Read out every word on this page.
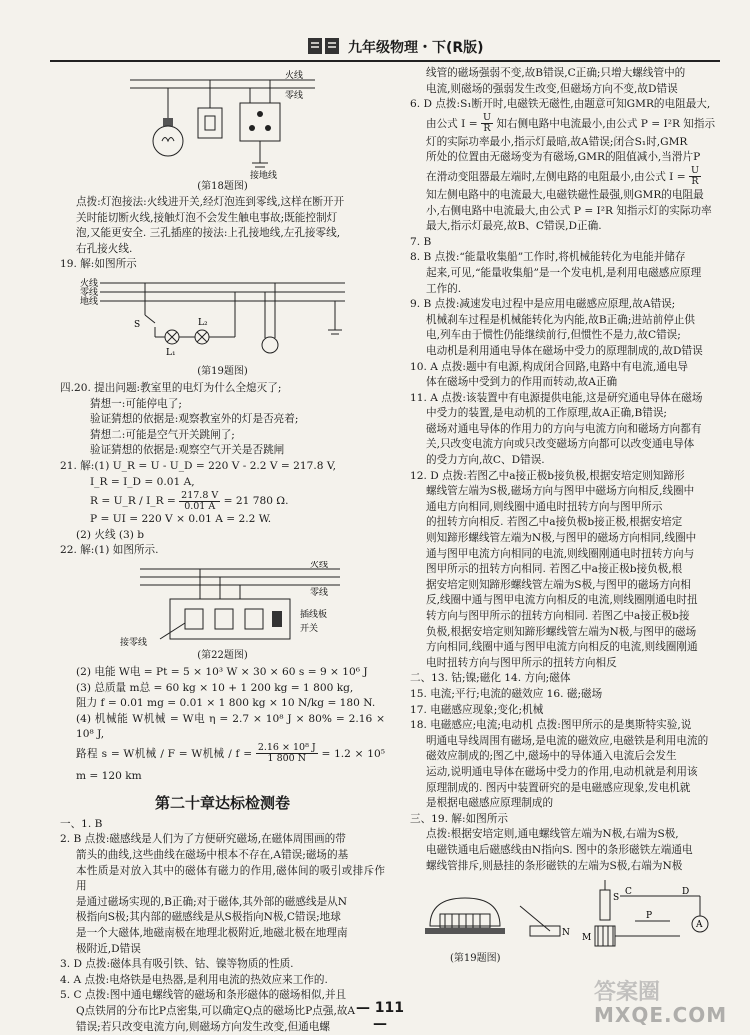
九年级物理・下(R版)
火线
零线
接地线
(第18题图)

点拨:灯泡接法:火线进开关,经灯泡连到零线,这样在断开开

关时能切断火线,接触灯泡不会发生触电事故;既能控制灯

泡,又能更安全. 三孔插座的接法:上孔接地线,左孔接零线,

右孔接火线.

19. 解:如图所示

火线
零线
地线
S
L₁
L₂
(第19题图)

四.20. 提出问题:教室里的电灯为什么全熄灭了;

猜想一:可能停电了;

验证猜想的依据是:观察教室外的灯是否亮着;

猜想二:可能是空气开关跳闸了;

验证猜想的依据是:观察空气开关是否跳闸

21. 解:(1) U_R = U - U_D = 220 V - 2.2 V = 217.8 V,

I_R = I_D = 0.01 A,

R = U_R / I_R = $\frac{217.8 V}{0.01 A} = 21$ 780 Ω.

P = UI = 220 V × 0.01 A = 2.2 W.

(2) 火线 (3) b

22. 解:(1) 如图所示.

火线
零线
插线板
开关
接零线
(第22题图)

(2) 电能 W电 = Pt = 5 × 10³ W × 30 × 60 s = 9 × 10⁶ J

(3) 总质量 m总 = 60 kg × 10 + 1 200 kg = 1 800 kg,

阻力 f = 0.01 mg = 0.01 × 1 800 kg × 10 N/kg = 180 N.

(4) 机械能 W机械 = W电 η = 2.7 × 10⁸ J × 80% = 2.16 × 10⁸ J,

路程 s = W机械 / F = W机械 / $f = \frac{\text{2.16 × 10⁸ J}}{1 800 N} = 1.2 \times 10^5$ m = 120 km

第二十章达标检测卷

一、1. B

2. B 点拨:磁感线是人们为了方便研究磁场,在磁体周围画的带

箭头的曲线,这些曲线在磁场中根本不存在,A错误;磁场的基

本性质是对放入其中的磁体有磁力的作用,磁体间的吸引或排斥作用

是通过磁场实现的,B正确;对于磁体,其外部的磁感线是从N

极指向S极;其内部的磁感线是从S极指向N极,C错误;地球

是一个大磁体,地磁南极在地理北极附近,地磁北极在地理南

极附近,D错误

3. D 点拨:磁体具有吸引铁、钴、镍等物质的性质.

4. A 点拨:电烙铁是电热器,是利用电流的热效应来工作的.

5. C 点拨:图中通电螺线管的磁场和条形磁体的磁场相似,并且

Q点铁屑的分布比P点密集,可以确定Q点的磁场比P点强,故A

错误;若只改变电流方向,则磁场方向发生改变,但通电螺

线管的磁场强弱不变,故B错误,C正确;只增大螺线管中的

电流,则磁场的强弱发生改变,但磁场方向不变,故D错误

6. D 点拨:S₁断开时,电磁铁无磁性,由题意可知GMR的电阻最大,

由公式 $I = \frac{U}{R}$ 知右侧电路中电流最小,由公式 P = I²R 知指示

灯的实际功率最小,指示灯最暗,故A错误;闭合S₁时,GMR

所处的位置由无磁场变为有磁场,GMR的阻值减小,当滑片P

在滑动变阻器最左端时,左侧电路的电阻最小,由公式 $I = \frac{U}{R}$

知左侧电路中的电流最大,电磁铁磁性最强,则GMR的电阻最

小,右侧电路中电流最大,由公式 P = I²R 知指示灯的实际功率

最大,指示灯最亮,故B、C错误,D正确.

7. B

8. B 点拨:“能量收集船”工作时,将机械能转化为电能并储存

起来,可见,“能量收集船”是一个发电机,是利用电磁感应原理

工作的.

9. B 点拨:减速发电过程中是应用电磁感应原理,故A错误;

机械刹车过程是机械能转化为内能,故B正确;进站前停止供

电,列车由于惯性仍能继续前行,但惯性不是力,故C错误;

电动机是利用通电导体在磁场中受力的原理制成的,故D错误

10. A 点拨:题中有电源,构成闭合回路,电路中有电流,通电导

体在磁场中受到力的作用而转动,故A正确

11. A 点拨:该装置中有电源提供电能,这是研究通电导体在磁场

中受力的装置,是电动机的工作原理,故A正确,B错误;

磁场对通电导体的作用力的方向与电流方向和磁场方向都有

关,只改变电流方向或只改变磁场方向都可以改变通电导体

的受力方向,故C、D错误.

12. D 点拨:若图乙中a接正极b接负极,根据安培定则知蹄形

螺线管左端为S极,磁场方向与图甲中磁场方向相反,线圈中

通电方向相同,则线圈中通电时扭转方向与图甲所示

的扭转方向相反. 若图乙中a接负极b接正极,根据安培定

则知蹄形螺线管左端为N极,与图甲的磁场方向相同,线圈中

通与图甲电流方向相同的电流,则线圈刚通电时扭转方向与

图甲所示的扭转方向相同. 若图乙中a接正极b接负极,根

据安培定则知蹄形螺线管左端为S极,与图甲的磁场方向相

反,线圈中通与图甲电流方向相反的电流,则线圈刚通电时扭

转方向与图甲所示的扭转方向相同. 若图乙中a接正极b接

负极,根据安培定则知蹄形螺线管左端为N极,与图甲的磁场

方向相同,线圈中通与图甲电流方向相反的电流,则线圈刚通

电时扭转方向与图甲所示的扭转方向相反

二、13. 钴;镍;磁化 14. 方向;磁体

15. 电流;平行;电流的磁效应 16. 磁;磁场

17. 电磁感应现象;变化;机械

18. 电磁感应;电流;电动机 点拨:图甲所示的是奥斯特实验,说

明通电导线周围有磁场,是电流的磁效应,电磁铁是利用电流的

磁效应制成的;图乙中,磁场中的导体通入电流后会发生

运动,说明通电导体在磁场中受力的作用,电动机就是利用该

原理制成的. 图丙中装置研究的是电磁感应现象,发电机就

是根据电磁感应原理制成的

三、19. 解:如图所示

点拨:根据安培定则,通电螺线管左端为N极,右端为S极,

电磁铁通电后磁感线由N指向S. 图中的条形磁铁左端通电

螺线管排斥,则悬挂的条形磁铁的左端为S极,右端为N极

N
S
M
A
C	D
P
(第19题图)
— 111 —
答案圈
MXQE.COM
